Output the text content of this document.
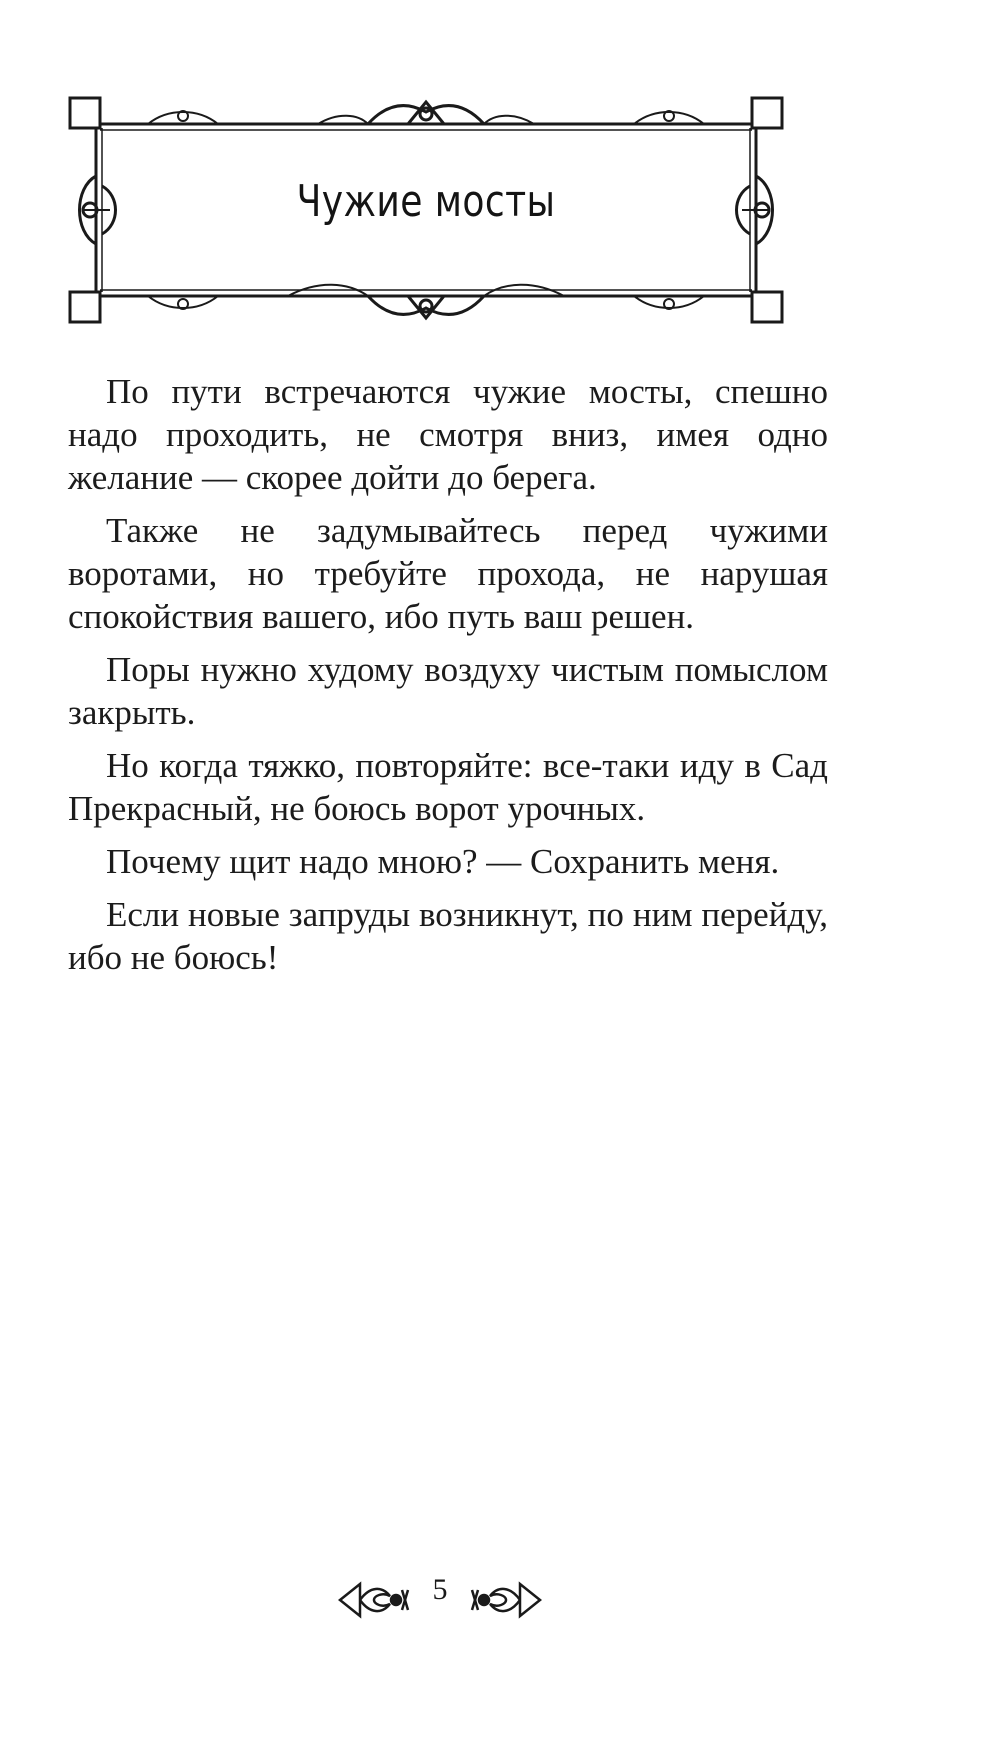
Чужие мосты

По пути встречаются чужие мосты, спешно надо проходить, не смотря вниз, имея одно желание — скорее дойти до берега.

Также не задумывайтесь перед чужими воротами, но требуйте прохода, не нарушая спокойствия вашего, ибо путь ваш решен.

Поры нужно худому воздуху чистым помыслом закрыть.

Но когда тяжко, повторяйте: все-таки иду в Сад Прекрасный, не боюсь ворот урочных.

Почему щит надо мною? — Сохранить меня.

Если новые запруды возникнут, по ним перейду, ибо не боюсь!

5
